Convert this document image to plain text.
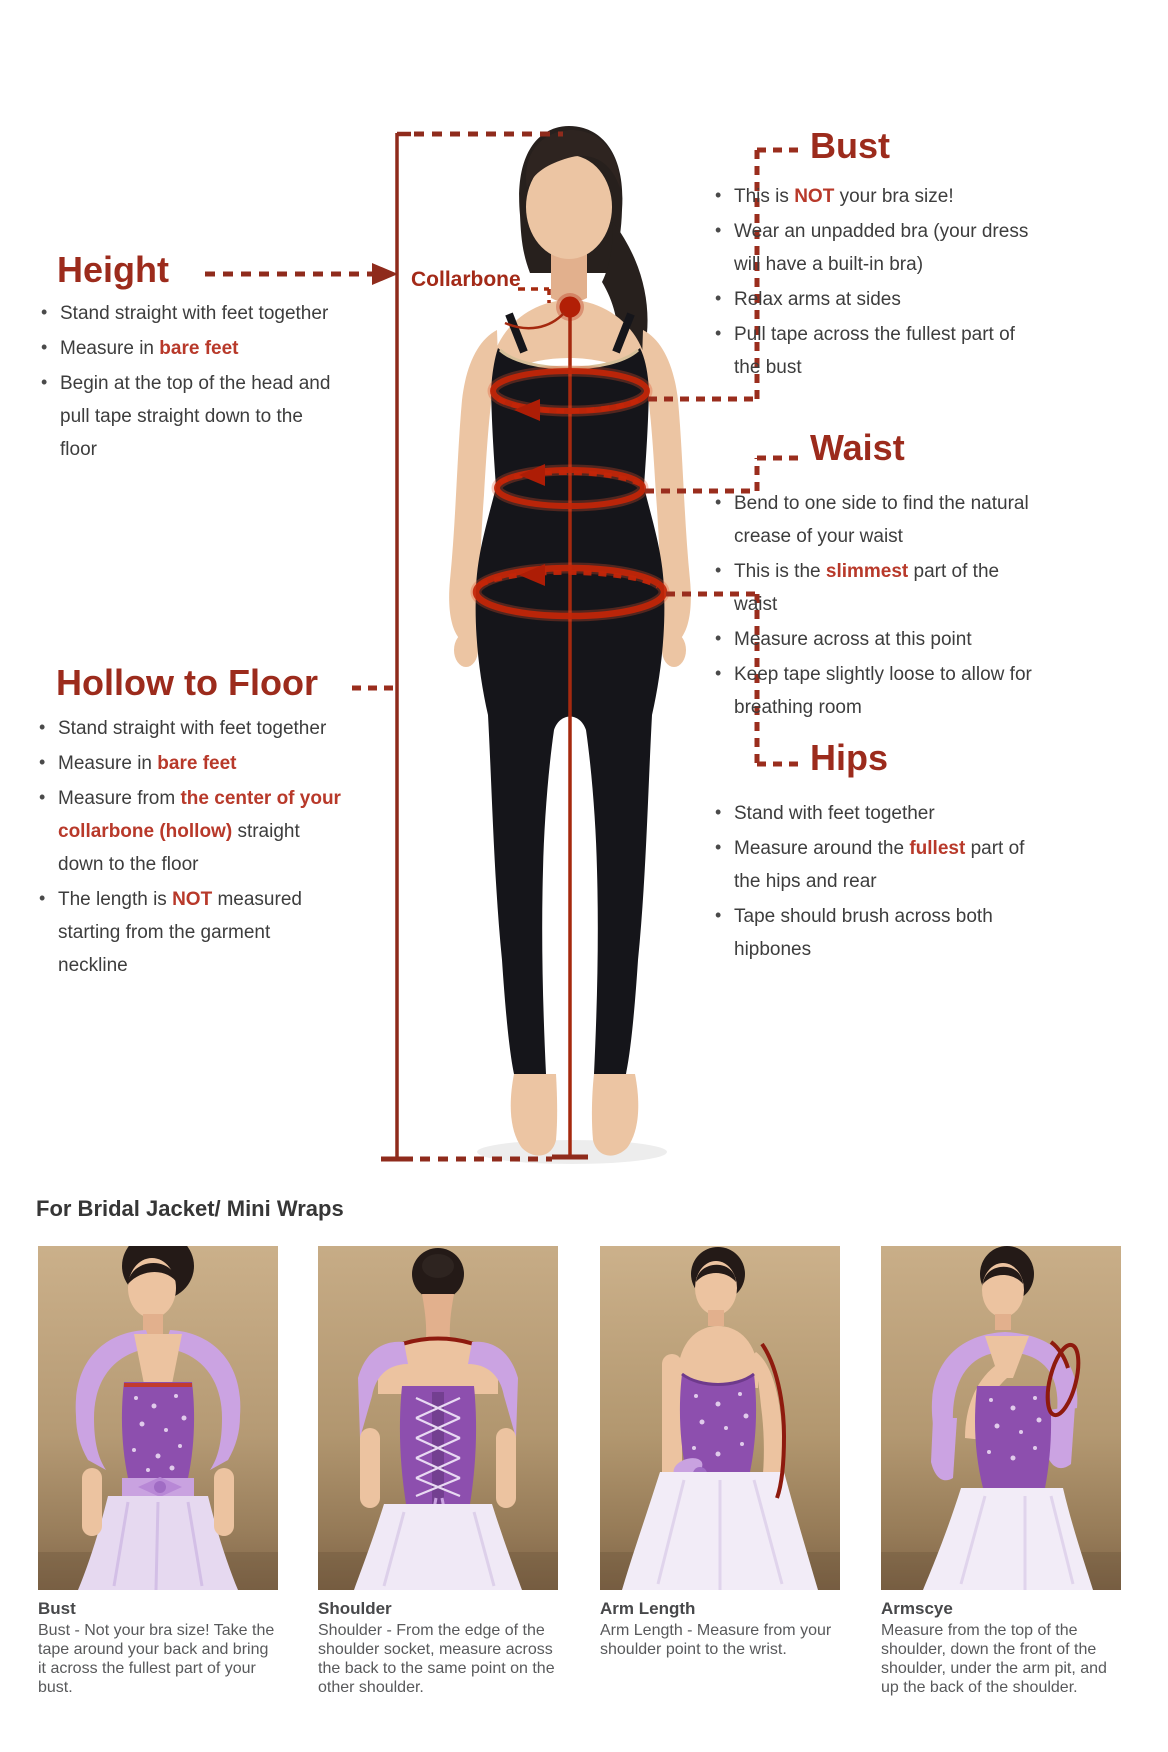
Height
• Stand straight with feet together
• Measure in bare feet
• Begin at the top of the head and pull tape straight down to the floor
Hollow to Floor
• Stand straight with feet together
• Measure in bare feet
• Measure from the center of your collarbone (hollow) straight down to the floor
• The length is NOT measured starting from the garment neckline
Bust
• This is NOT your bra size!
• Wear an unpadded bra (your dress will have a built-in bra)
• Relax arms at sides
• Pull tape across the fullest part of the bust
Waist
• Bend to one side to find the natural crease of your waist
• This is the slimmest part of the waist
• Measure across at this point
• Keep tape slightly loose to allow for breathing room
Hips
• Stand with feet together
• Measure around the fullest part of the hips and rear
• Tape should brush across both hipbones
Collarbone
For Bridal Jacket/ Mini Wraps
Bust
Bust - Not your bra size! Take the tape around your back and bring it across the fullest part of your bust.
Shoulder
Shoulder - From the edge of the shoulder socket, measure across the back to the same point on the other shoulder.
Arm Length
Arm Length - Measure from your shoulder point to the wrist.
Armscye
Measure from the top of the shoulder, down the front of the shoulder, under the arm pit, and up the back of the shoulder.
